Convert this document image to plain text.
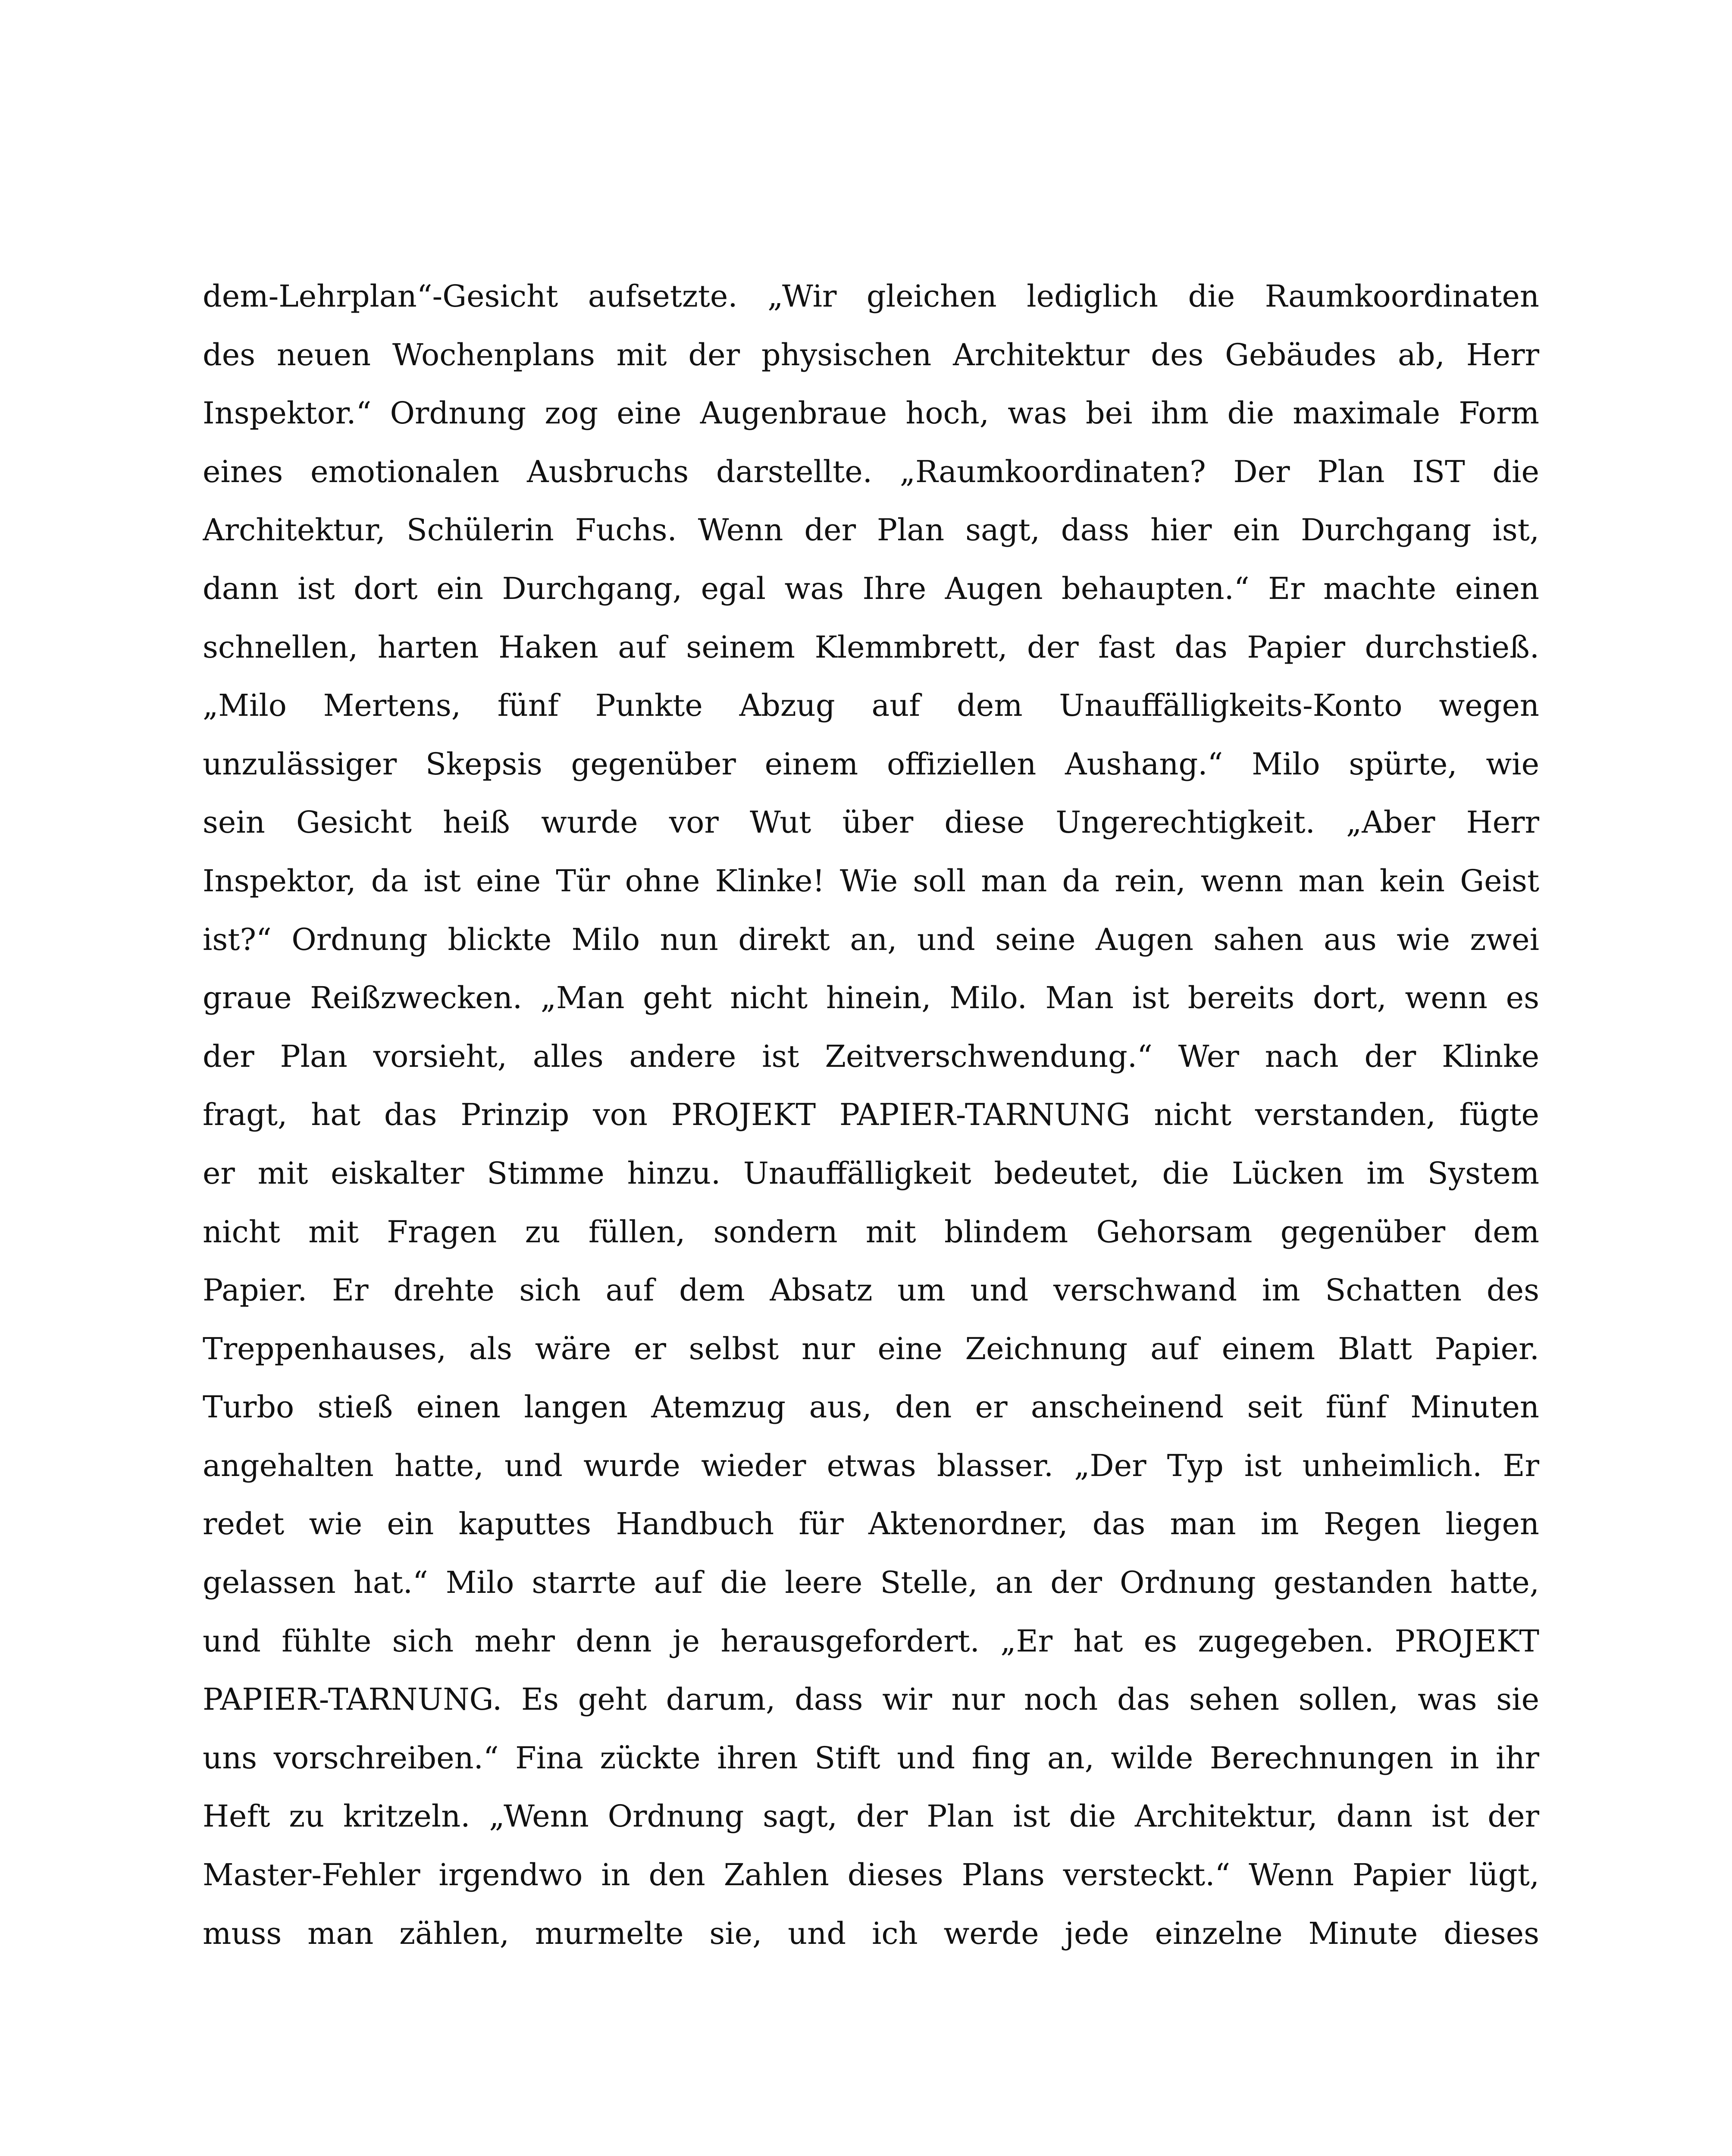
dem-Lehrplan“-Gesicht aufsetzte. „Wir gleichen lediglich die Raumkoordinaten
des neuen Wochenplans mit der physischen Architektur des Gebäudes ab, Herr
Inspektor.“ Ordnung zog eine Augenbraue hoch, was bei ihm die maximale Form
eines emotionalen Ausbruchs darstellte. „Raumkoordinaten? Der Plan IST die
Architektur, Schülerin Fuchs. Wenn der Plan sagt, dass hier ein Durchgang ist,
dann ist dort ein Durchgang, egal was Ihre Augen behaupten.“ Er machte einen
schnellen, harten Haken auf seinem Klemmbrett, der fast das Papier durchstieß.
„Milo Mertens, fünf Punkte Abzug auf dem Unauffälligkeits-Konto wegen
unzulässiger Skepsis gegenüber einem offiziellen Aushang.“ Milo spürte, wie
sein Gesicht heiß wurde vor Wut über diese Ungerechtigkeit. „Aber Herr
Inspektor, da ist eine Tür ohne Klinke! Wie soll man da rein, wenn man kein Geist
ist?“ Ordnung blickte Milo nun direkt an, und seine Augen sahen aus wie zwei
graue Reißzwecken. „Man geht nicht hinein, Milo. Man ist bereits dort, wenn es
der Plan vorsieht, alles andere ist Zeitverschwendung.“ Wer nach der Klinke
fragt, hat das Prinzip von PROJEKT PAPIER-TARNUNG nicht verstanden, fügte
er mit eiskalter Stimme hinzu. Unauffälligkeit bedeutet, die Lücken im System
nicht mit Fragen zu füllen, sondern mit blindem Gehorsam gegenüber dem
Papier. Er drehte sich auf dem Absatz um und verschwand im Schatten des
Treppenhauses, als wäre er selbst nur eine Zeichnung auf einem Blatt Papier.
Turbo stieß einen langen Atemzug aus, den er anscheinend seit fünf Minuten
angehalten hatte, und wurde wieder etwas blasser. „Der Typ ist unheimlich. Er
redet wie ein kaputtes Handbuch für Aktenordner, das man im Regen liegen
gelassen hat.“ Milo starrte auf die leere Stelle, an der Ordnung gestanden hatte,
und fühlte sich mehr denn je herausgefordert. „Er hat es zugegeben. PROJEKT
PAPIER-TARNUNG. Es geht darum, dass wir nur noch das sehen sollen, was sie
uns vorschreiben.“ Fina zückte ihren Stift und fing an, wilde Berechnungen in ihr
Heft zu kritzeln. „Wenn Ordnung sagt, der Plan ist die Architektur, dann ist der
Master-Fehler irgendwo in den Zahlen dieses Plans versteckt.“ Wenn Papier lügt,
muss man zählen, murmelte sie, und ich werde jede einzelne Minute dieses
